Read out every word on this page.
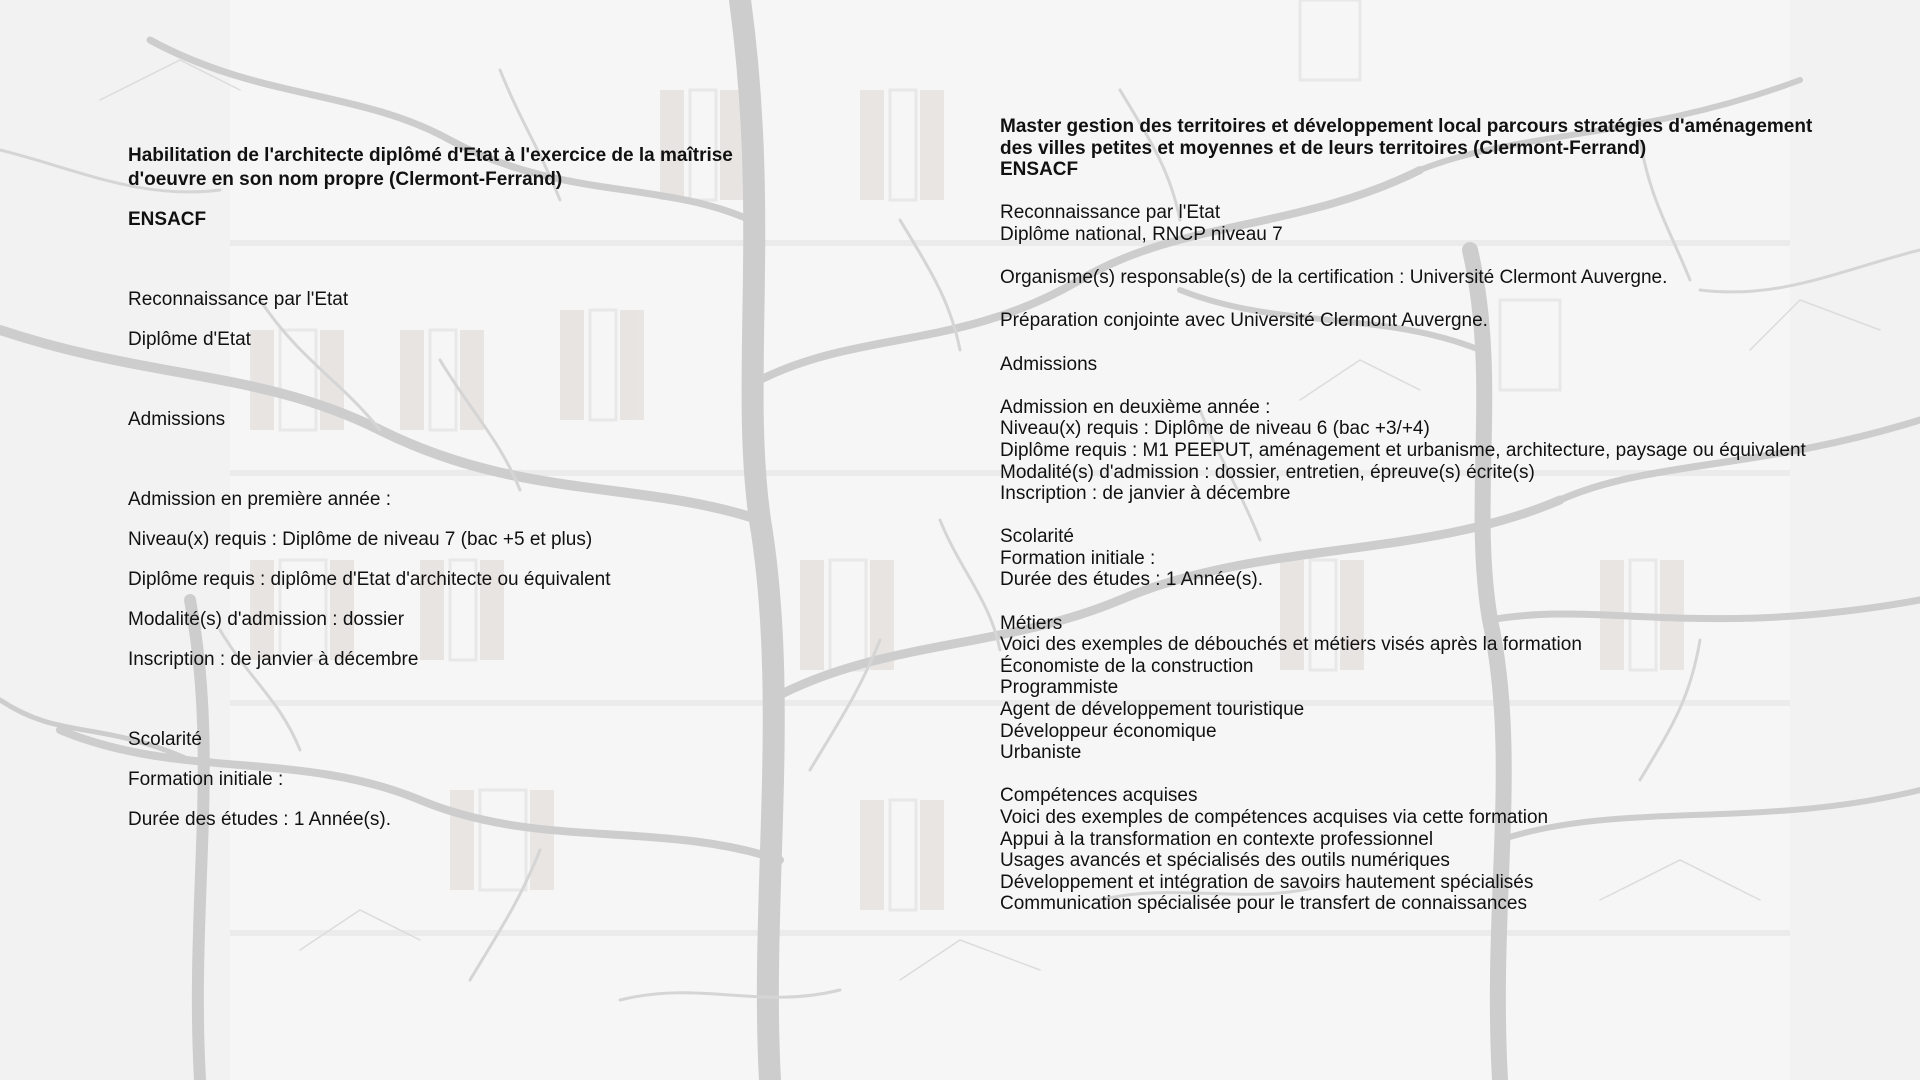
Habilitation de l'architecte diplômé d'Etat à l'exercice de la maîtrise d'oeuvre en son nom propre (Clermont-Ferrand)

ENSACF

Reconnaissance par l'Etat

Diplôme d'Etat

Admissions

Admission en première année :

Niveau(x) requis : Diplôme de niveau 7 (bac +5 et plus)

Diplôme requis : diplôme d'Etat d'architecte ou équivalent

Modalité(s) d'admission : dossier

Inscription : de janvier à décembre

Scolarité

Formation initiale :

Durée des études : 1 Année(s).

Master gestion des territoires et développement local parcours stratégies d'aménagement
des villes petites et moyennes et de leurs territoires (Clermont-Ferrand)
ENSACF
Reconnaissance par l'Etat
Diplôme national, RNCP niveau 7
Organisme(s) responsable(s) de la certification : Université Clermont Auvergne.
Préparation conjointe avec Université Clermont Auvergne.
Admissions
Admission en deuxième année :
Niveau(x) requis : Diplôme de niveau 6 (bac +3/+4)
Diplôme requis : M1 PEEPUT, aménagement et urbanisme, architecture, paysage ou équivalent
Modalité(s) d'admission : dossier, entretien, épreuve(s) écrite(s)
Inscription : de janvier à décembre
Scolarité
Formation initiale :
Durée des études : 1 Année(s).
Métiers
Voici des exemples de débouchés et métiers visés après la formation
Économiste de la construction
Programmiste
Agent de développement touristique
Développeur économique
Urbaniste
Compétences acquises
Voici des exemples de compétences acquises via cette formation
Appui à la transformation en contexte professionnel
Usages avancés et spécialisés des outils numériques
Développement et intégration de savoirs hautement spécialisés
Communication spécialisée pour le transfert de connaissances
